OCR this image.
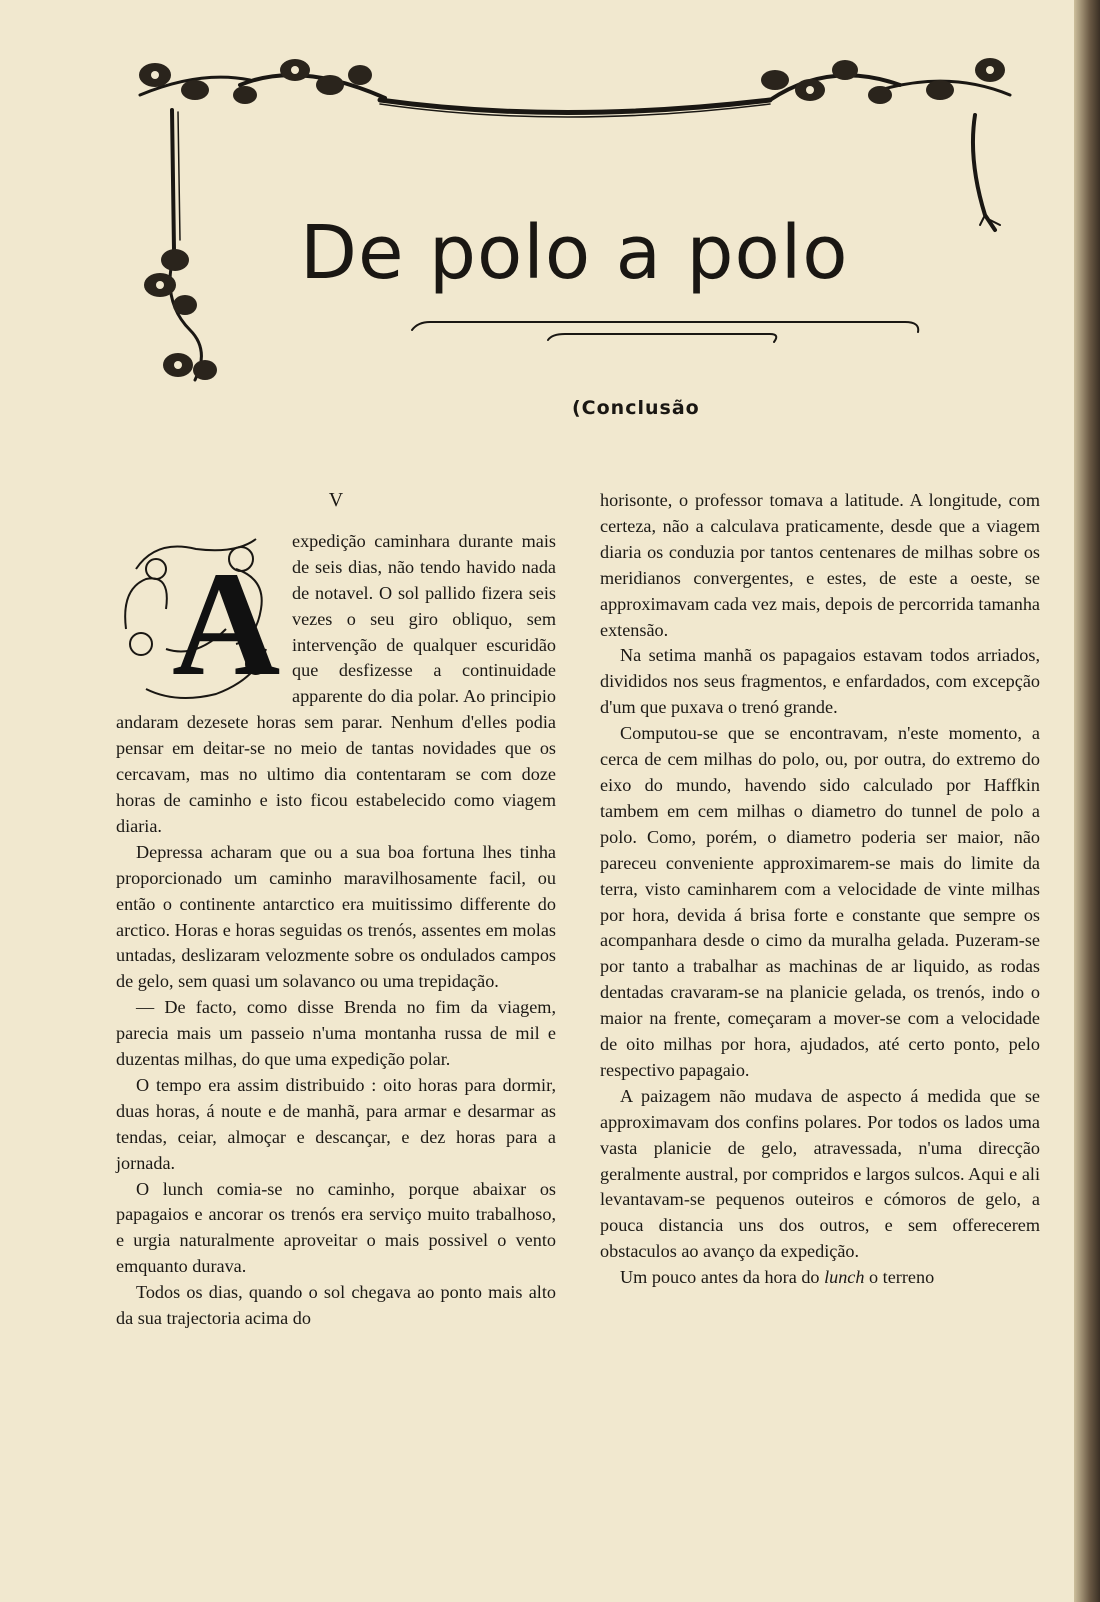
De polo a polo
(Conclusão
V
A expedição caminhara durante mais de seis dias, não tendo havido nada de notavel. O sol pallido fizera seis vezes o seu giro obliquo, sem intervenção de qualquer escuridão que desfizesse a continuidade apparente do dia polar. Ao principio andaram dezesete horas sem parar. Nenhum d'elles podia pensar em deitar-se no meio de tantas novidades que os cercavam, mas no ultimo dia contentaram se com doze horas de caminho e isto ficou estabelecido como viagem diaria.

Depressa acharam que ou a sua boa fortuna lhes tinha proporcionado um caminho maravilhosamente facil, ou então o continente antarctico era muitissimo differente do arctico. Horas e horas seguidas os trenós, assentes em molas untadas, deslizaram velozmente sobre os ondulados campos de gelo, sem quasi um solavanco ou uma trepidação.

— De facto, como disse Brenda no fim da viagem, parecia mais um passeio n'uma montanha russa de mil e duzentas milhas, do que uma expedição polar.

O tempo era assim distribuido : oito horas para dormir, duas horas, á noute e de manhã, para armar e desarmar as tendas, ceiar, almoçar e descançar, e dez horas para a jornada.

O lunch comia-se no caminho, porque abaixar os papagaios e ancorar os trenós era serviço muito trabalhoso, e urgia naturalmente aproveitar o mais possivel o vento emquanto durava.

Todos os dias, quando o sol chegava ao ponto mais alto da sua trajectoria acima do

horisonte, o professor tomava a latitude. A longitude, com certeza, não a calculava praticamente, desde que a viagem diaria os conduzia por tantos centenares de milhas sobre os meridianos convergentes, e estes, de este a oeste, se approximavam cada vez mais, depois de percorrida tamanha extensão.

Na setima manhã os papagaios estavam todos arriados, divididos nos seus fragmentos, e enfardados, com excepção d'um que puxava o trenó grande.

Computou-se que se encontravam, n'este momento, a cerca de cem milhas do polo, ou, por outra, do extremo do eixo do mundo, havendo sido calculado por Haffkin tambem em cem milhas o diametro do tunnel de polo a polo. Como, porém, o diametro poderia ser maior, não pareceu conveniente approximarem-se mais do limite da terra, visto caminharem com a velocidade de vinte milhas por hora, devida á brisa forte e constante que sempre os acompanhara desde o cimo da muralha gelada. Puzeram-se por tanto a trabalhar as machinas de ar liquido, as rodas dentadas cravaram-se na planicie gelada, os trenós, indo o maior na frente, começaram a mover-se com a velocidade de oito milhas por hora, ajudados, até certo ponto, pelo respectivo papagaio.

A paizagem não mudava de aspecto á medida que se approximavam dos confins polares. Por todos os lados uma vasta planicie de gelo, atravessada, n'uma direcção geralmente austral, por compridos e largos sulcos. Aqui e ali levantavam-se pequenos outeiros e cómoros de gelo, a pouca distancia uns dos outros, e sem offerecerem obstaculos ao avanço da expedição.

Um pouco antes da hora do lunch o terreno
